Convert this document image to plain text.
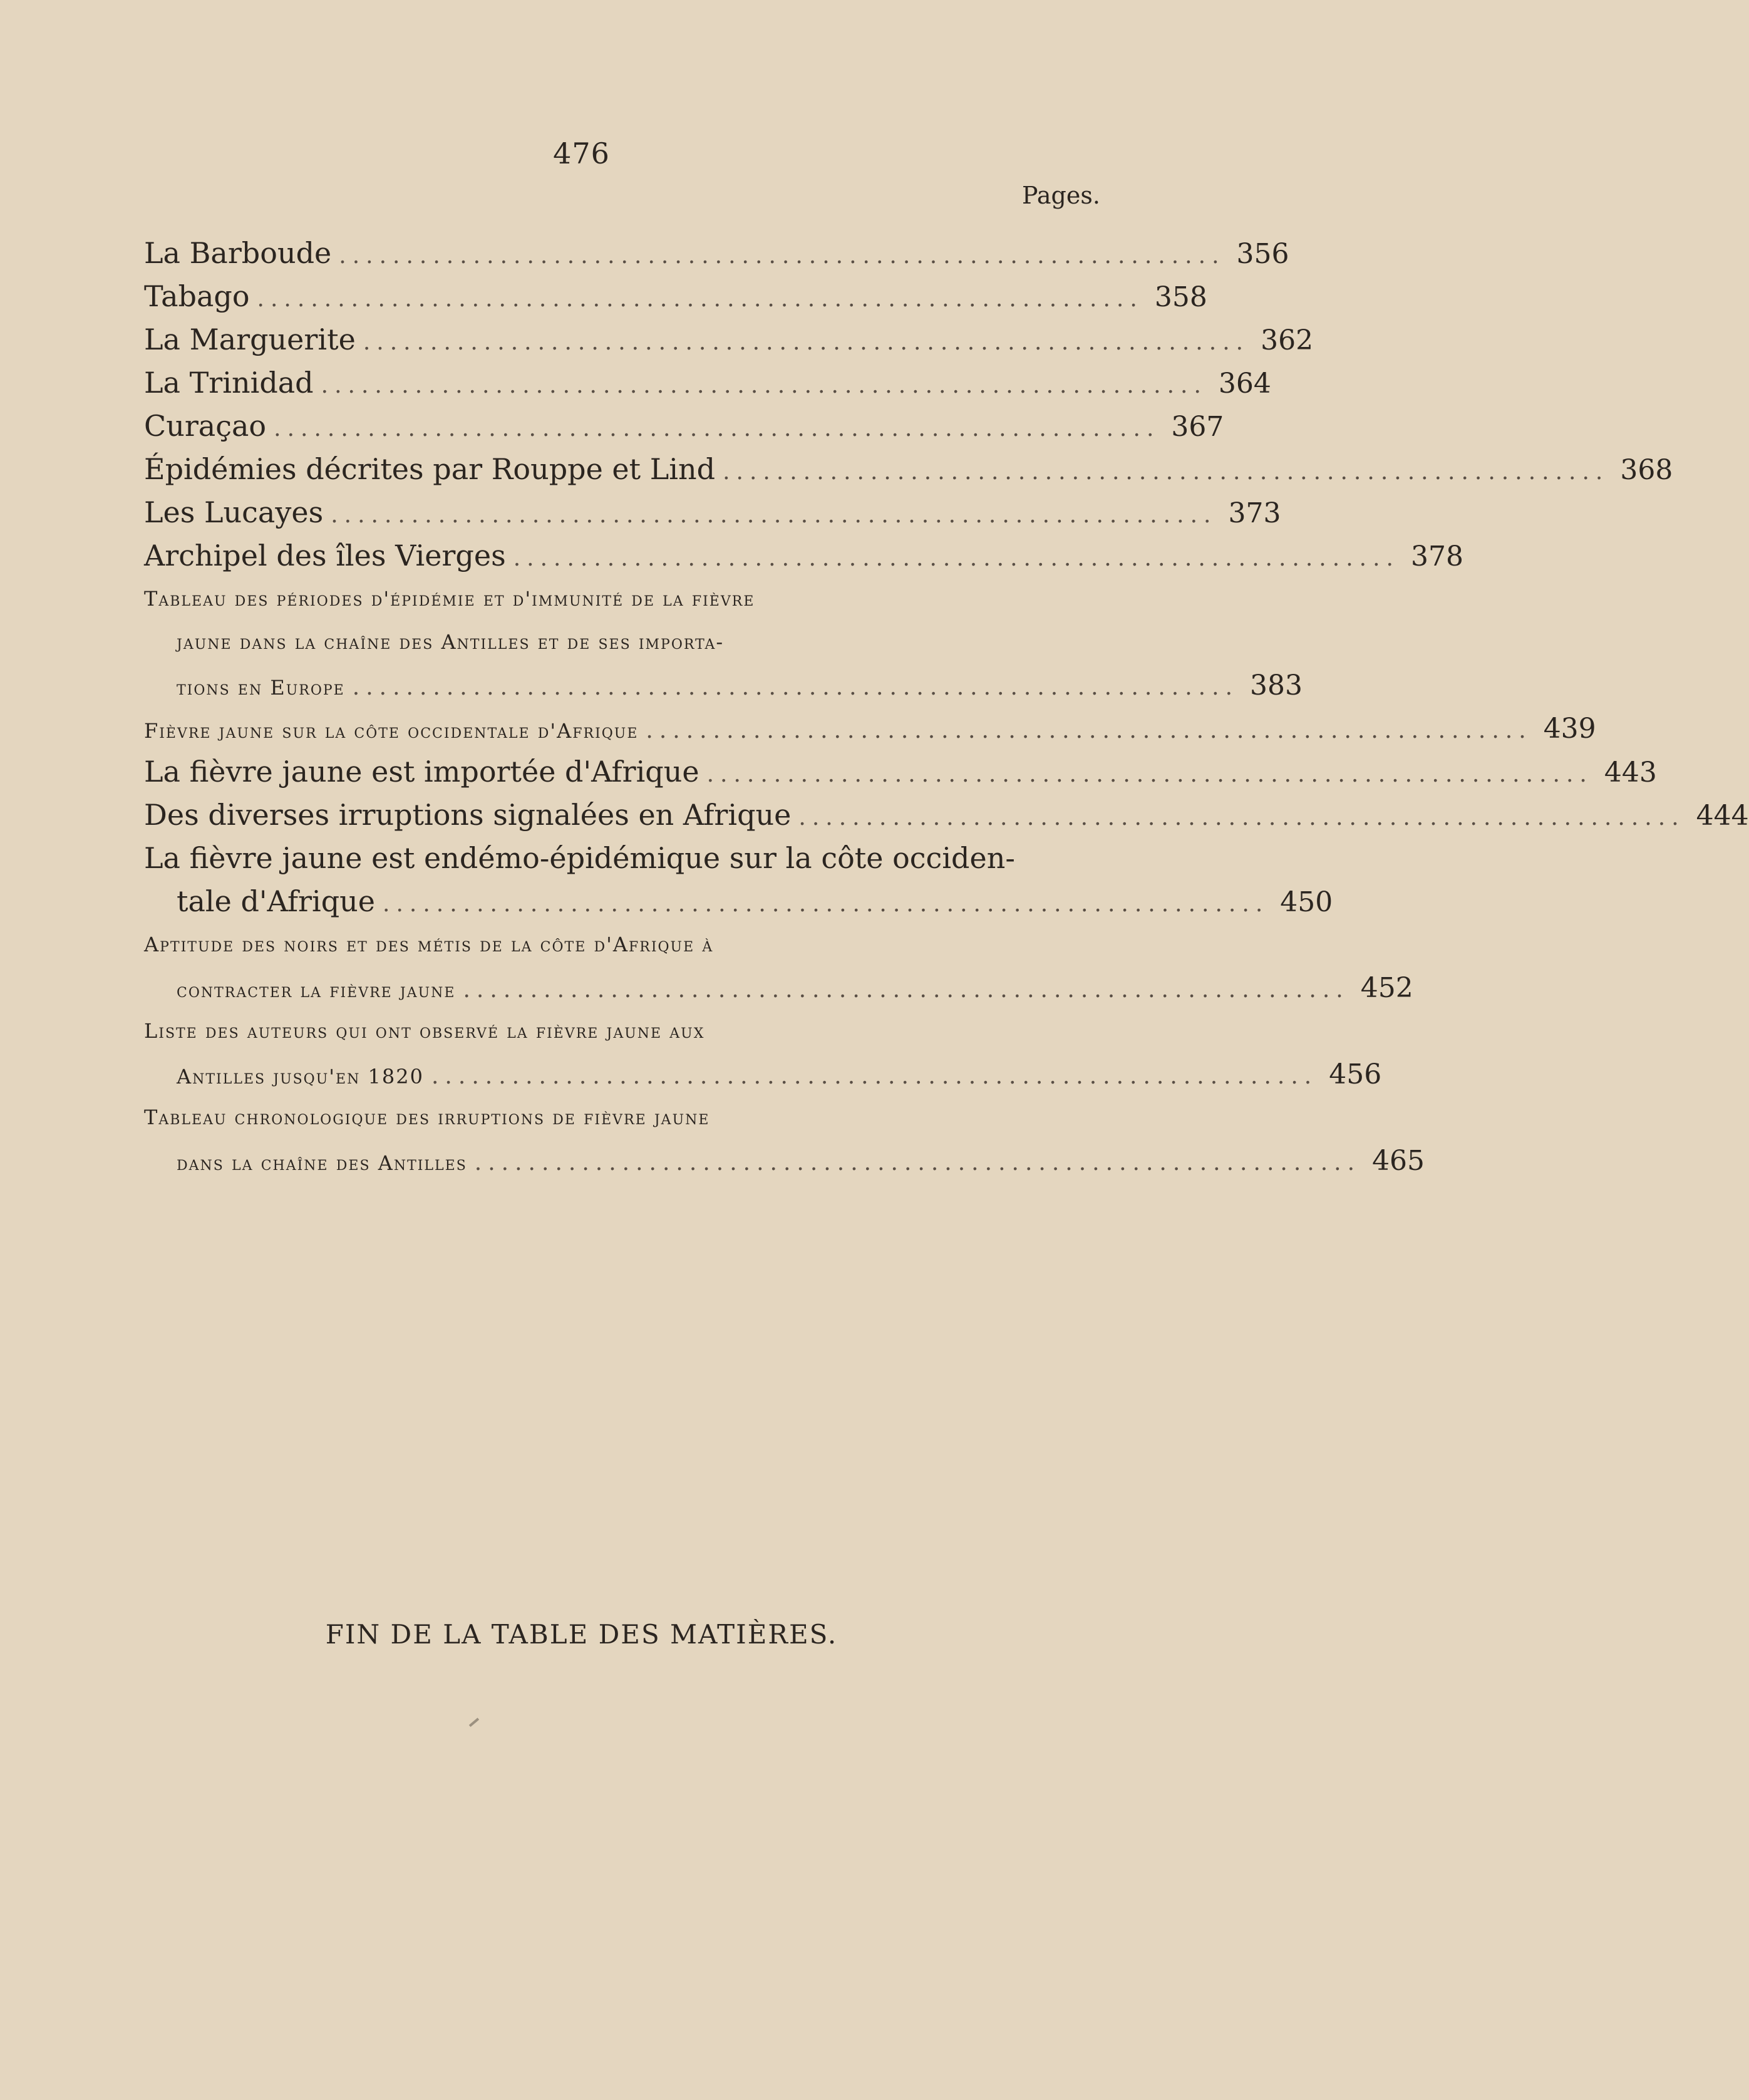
476
Pages.
La Barboude .................................................................. 356
Tabago .................................................................. 358
La Marguerite .................................................................. 362
La Trinidad .................................................................. 364
Curaçao .................................................................. 367
Épidémies décrites par Rouppe et Lind .................................................................. 368
Les Lucayes .................................................................. 373
Archipel des îles Vierges .................................................................. 378
Tableau des périodes d'épidémie et d'immunité de la fièvre
jaune dans la chaîne des Antilles et de ses importa-
tions en Europe .................................................................. 383
Fièvre jaune sur la côte occidentale d'Afrique .................................................................. 439
La fièvre jaune est importée d'Afrique .................................................................. 443
Des diverses irruptions signalées en Afrique .................................................................. 444
La fièvre jaune est endémo-épidémique sur la côte occiden-
tale d'Afrique .................................................................. 450
Aptitude des noirs et des métis de la côte d'Afrique à
contracter la fièvre jaune .................................................................. 452
Liste des auteurs qui ont observé la fièvre jaune aux
Antilles jusqu'en 1820 .................................................................. 456
Tableau chronologique des irruptions de fièvre jaune
dans la chaîne des Antilles .................................................................. 465
FIN DE LA TABLE DES MATIÈRES.
